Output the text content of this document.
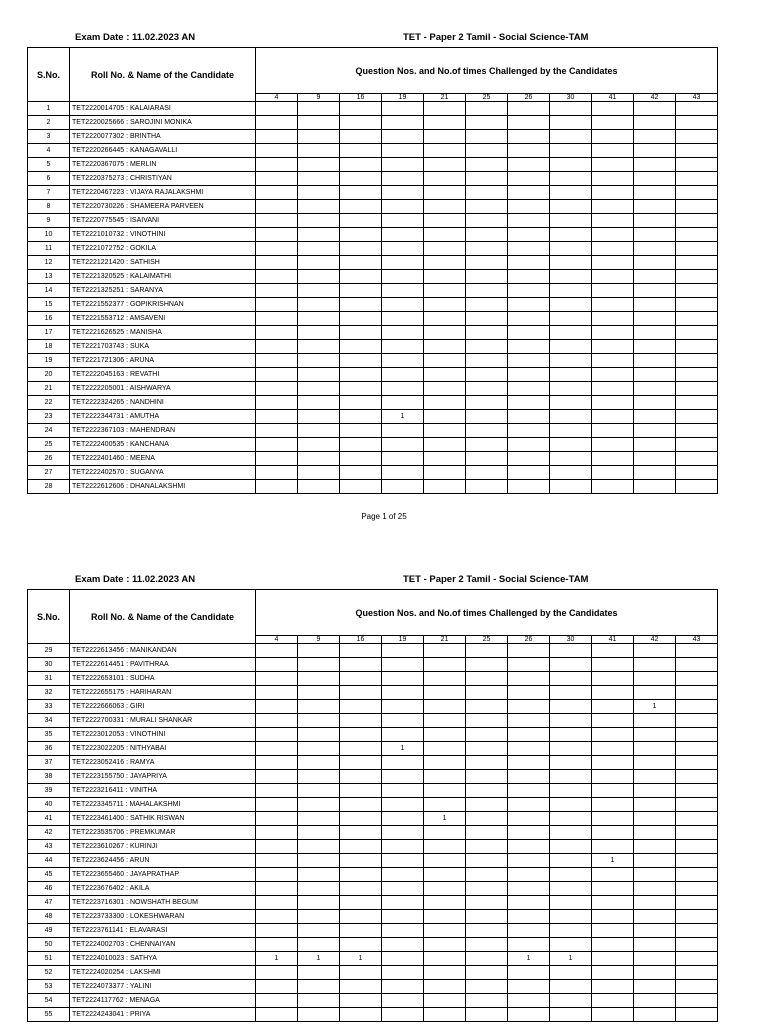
Exam Date : 11.02.2023 AN	TET - Paper 2 Tamil - Social Science-TAM
S.No.	Roll No. & Name of the Candidate	Question Nos. and No.of times Challenged by the Candidates										
		4	9	16	19	21	25	26	30	41	42	43
1	TET2220014705 : KALAIARASI											
2	TET2220025666 : SAROJINI MONIKA											
3	TET2220077302 : BRINTHA											
4	TET2220266445 : KANAGAVALLI											
5	TET2220367075 : MERLIN											
6	TET2220375273 : CHRISTIYAN											
7	TET2220467223 : VIJAYA RAJALAKSHMI											
8	TET2220730226 : SHAMEERA PARVEEN											
9	TET2220775545 : ISAIVANI											
10	TET2221010732 : VINOTHINI											
11	TET2221072752 : GOKILA											
12	TET2221221420 : SATHISH											
13	TET2221320525 : KALAIMATHI											
14	TET2221325251 : SARANYA											
15	TET2221552377 : GOPIKRISHNAN											
16	TET2221553712 : AMSAVENI											
17	TET2221626525 : MANISHA											
18	TET2221703743 : SUKA											
19	TET2221721306 : ARUNA											
20	TET2222045163 : REVATHI											
21	TET2222205001 : AISHWARYA											
22	TET2222324265 : NANDHINI											
23	TET2222344731 : AMUTHA				1							
24	TET2222367103 : MAHENDRAN											
25	TET2222400535 : KANCHANA											
26	TET2222401460 : MEENA											
27	TET2222402570 : SUGANYA											
28	TET2222612606 : DHANALAKSHMI											
Page 1 of 25
Exam Date : 11.02.2023 AN	TET - Paper 2 Tamil - Social Science-TAM
S.No.	Roll No. & Name of the Candidate	Question Nos. and No.of times Challenged by the Candidates										
		4	9	16	19	21	25	26	30	41	42	43
29	TET2222613456 : MANIKANDAN											
30	TET2222614451 : PAVITHRAA											
31	TET2222653101 : SUDHA											
32	TET2222655175 : HARIHARAN											
33	TET2222666063 : GIRI										1	
34	TET2222700331 : MURALI SHANKAR											
35	TET2223012053 : VINOTHINI											
36	TET2223022205 : NITHYABAI				1							
37	TET2223052416 : RAMYA											
38	TET2223155750 : JAYAPRIYA											
39	TET2223216411 : VINITHA											
40	TET2223345711 : MAHALAKSHMI											
41	TET2223461400 : SATHIK RISWAN					1						
42	TET2223535706 : PREMKUMAR											
43	TET2223610267 : KURINJI											
44	TET2223624456 : ARUN									1		
45	TET2223655460 : JAYAPRATHAP											
46	TET2223676402 : AKILA											
47	TET2223716301 : NOWSHATH BEGUM											
48	TET2223733300 : LOKESHWARAN											
49	TET2223761141 : ELAVARASI											
50	TET2224002703 : CHENNAIYAN											
51	TET2224010023 : SATHYA	1	1	1				1	1			
52	TET2224020254 : LAKSHMI											
53	TET2224073377 : YALINI											
54	TET2224117762 : MENAGA											
55	TET2224243041 : PRIYA											
